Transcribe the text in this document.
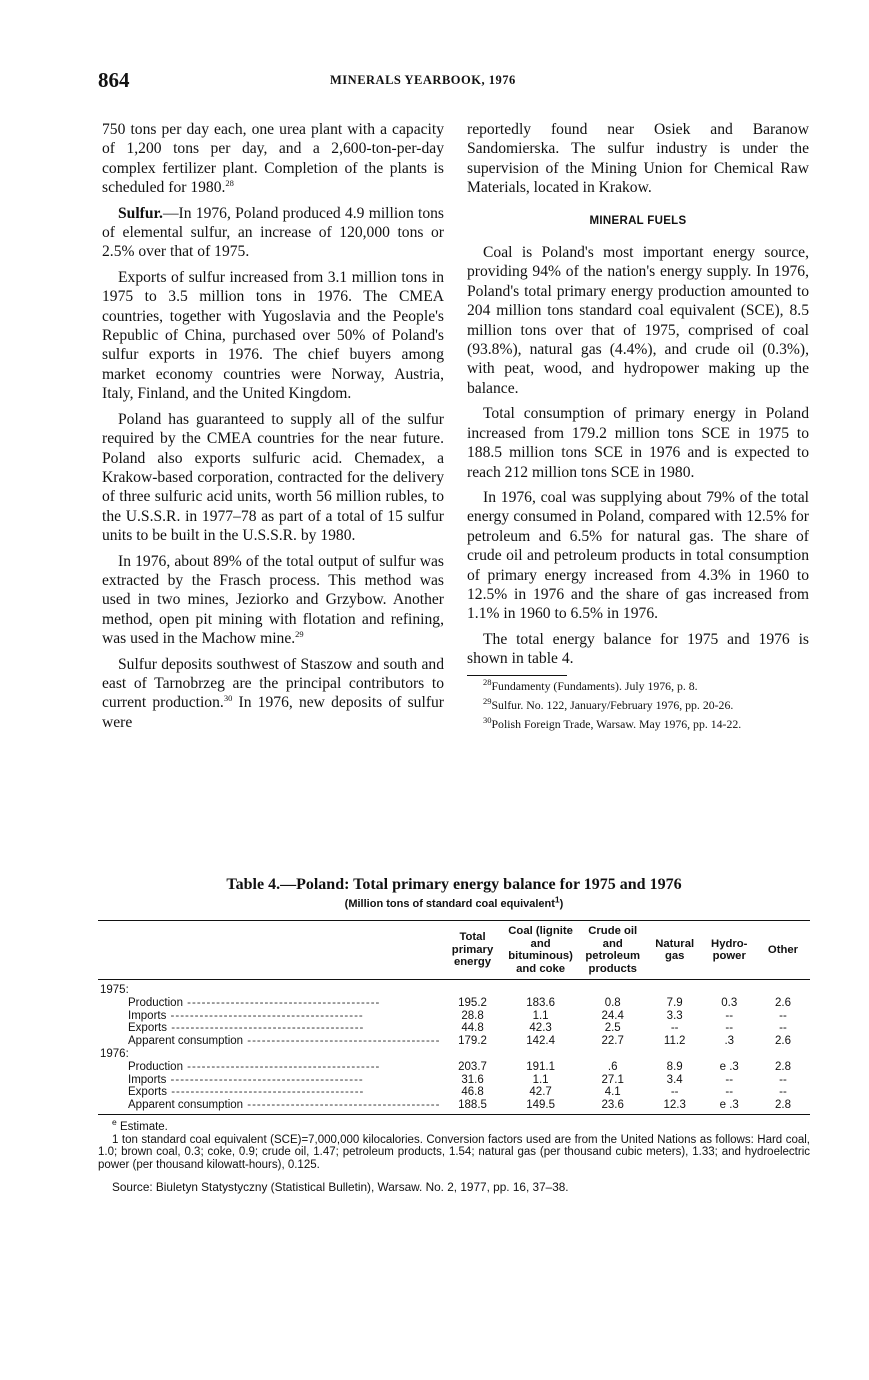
864	MINERALS YEARBOOK, 1976

750 tons per day each, one urea plant with a capacity of 1,200 tons per day, and a 2,600-ton-per-day complex fertilizer plant. Completion of the plants is scheduled for 1980.28

Sulfur.—In 1976, Poland produced 4.9 million tons of elemental sulfur, an increase of 120,000 tons or 2.5% over that of 1975.

Exports of sulfur increased from 3.1 million tons in 1975 to 3.5 million tons in 1976. The CMEA countries, together with Yugoslavia and the People's Republic of China, purchased over 50% of Poland's sulfur exports in 1976. The chief buyers among market economy countries were Norway, Austria, Italy, Finland, and the United Kingdom.

Poland has guaranteed to supply all of the sulfur required by the CMEA countries for the near future. Poland also exports sulfuric acid. Chemadex, a Krakow-based corporation, contracted for the delivery of three sulfuric acid units, worth 56 million rubles, to the U.S.S.R. in 1977–78 as part of a total of 15 sulfur units to be built in the U.S.S.R. by 1980.

In 1976, about 89% of the total output of sulfur was extracted by the Frasch process. This method was used in two mines, Jeziorko and Grzybow. Another method, open pit mining with flotation and refining, was used in the Machow mine.$^{29}$

Sulfur deposits southwest of Staszow and south and east of Tarnobrzeg are the principal contributors to current production.$^{30}$ In 1976, new deposits of sulfur were

reportedly found near Osiek and Baranow Sandomierska. The sulfur industry is under the supervision of the Mining Union for Chemical Raw Materials, located in Krakow.

MINERAL FUELS

Coal is Poland's most important energy source, providing 94% of the nation's energy supply. In 1976, Poland's total primary energy production amounted to 204 million tons standard coal equivalent (SCE), 8.5 million tons over that of 1975, comprised of coal (93.8%), natural gas (4.4%), and crude oil (0.3%), with peat, wood, and hydropower making up the balance.

Total consumption of primary energy in Poland increased from 179.2 million tons SCE in 1975 to 188.5 million tons SCE in 1976 and is expected to reach 212 million tons SCE in 1980.

In 1976, coal was supplying about 79% of the total energy consumed in Poland, compared with 12.5% for petroleum and 6.5% for natural gas. The share of crude oil and petroleum products in total consumption of primary energy increased from 4.3% in 1960 to 12.5% in 1976 and the share of gas increased from 1.1% in 1960 to 6.5% in 1976.

The total energy balance for 1975 and 1976 is shown in table 4.

$^{28}$Fundamenty (Fundaments). July 1976, p. 8.

$^{29}$Sulfur. No. 122, January/February 1976, pp. 20-26.

$^{30}$Polish Foreign Trade, Warsaw. May 1976, pp. 14-22.

Table 4.—Poland: Total primary energy balance for 1975 and 1976

(Million tons of standard coal equivalent$^1$)

	Total primary energy	Coal (lignite and bituminous) and coke	Crude oil and petroleum products	Natural gas	Hydro-power	Other
1975:						
Production ----------------------------------------	195.2	183.6	0.8	7.9	0.3	2.6
Imports ----------------------------------------	28.8	1.1	24.4	3.3	--	--
Exports ----------------------------------------	44.8	42.3	2.5	--	--	--
Apparent consumption ----------------------------------------	179.2	142.4	22.7	11.2	.3	2.6
1976:						
Production ----------------------------------------	203.7	191.1	.6	8.9	e .3	2.8
Imports ----------------------------------------	31.6	1.1	27.1	3.4	--	--
Exports ----------------------------------------	46.8	42.7	4.1	--	--	--
Apparent consumption ----------------------------------------	188.5	149.5	23.6	12.3	e .3	2.8

$^e$ Estimate.

1 ton standard coal equivalent (SCE)=7,000,000 kilocalories. Conversion factors used are from the United Nations as follows: Hard coal, 1.0; brown coal, 0.3; coke, 0.9; crude oil, 1.47; petroleum products, 1.54; natural gas (per thousand cubic meters), 1.33; and hydroelectric power (per thousand kilowatt-hours), 0.125.

Source: Biuletyn Statystyczny (Statistical Bulletin), Warsaw. No. 2, 1977, pp. 16, 37–38.
